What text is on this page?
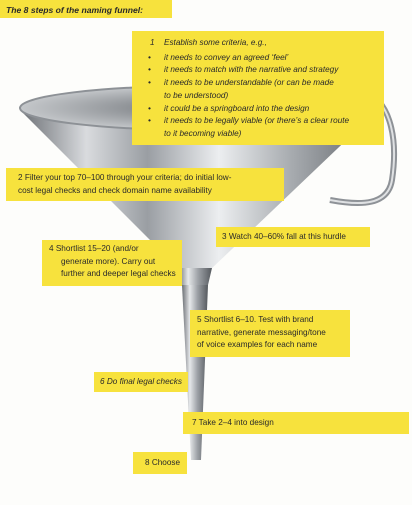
The 8 steps of the naming funnel:
1 Establish some criteria, e.g.,
• it needs to convey an agreed ‘feel’
• it needs to match with the narrative and strategy
• it needs to be understandable (or can be made
to be understood)
• it could be a springboard into the design
• it needs to be legally viable (or there’s a clear route
to it becoming viable)
2 Filter your top 70–100 through your criteria; do initial low-
cost legal checks and check domain name availability
3 Watch 40–60% fall at this hurdle
4 Shortlist 15–20 (and/or
generate more). Carry out
further and deeper legal checks
5 Shortlist 6–10. Test with brand
narrative, generate messaging/tone
of voice examples for each name
6 Do final legal checks
7 Take 2–4 into design
8 Choose
